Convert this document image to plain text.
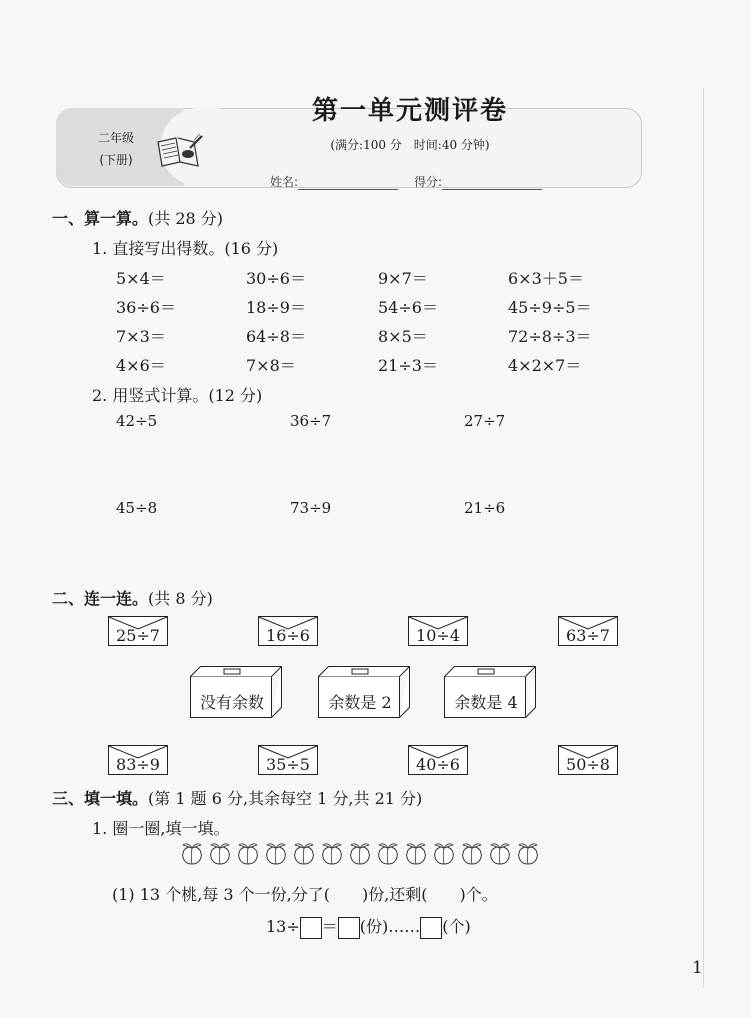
二年级
(下册)
第一单元测评卷
(满分:100 分　时间:40 分钟)
姓名:	得分:
一、算一算。(共 28 分)
1. 直接写出得数。(16 分)
5×4＝	30÷6＝	9×7＝	6×3＋5＝
36÷6＝	18÷9＝	54÷6＝	45÷9÷5＝
7×3＝	64÷8＝	8×5＝	72÷8÷3＝
4×6＝	7×8＝	21÷3＝	4×2×7＝
2. 用竖式计算。(12 分)
42÷5	36÷7	27÷7
45÷8	73÷9	21÷6
二、连一连。(共 8 分)
25÷7	16÷6	10÷4	63÷7
没有余数	余数是 2	余数是 4
83÷9	35÷5	40÷6	50÷8
三、填一填。(第 1 题 6 分,其余每空 1 分,共 21 分)
1. 圈一圈,填一填。
(1) 13 个桃,每 3 个一份,分了(　　)份,还剩(　　)个。
13÷ ＝ (份)…… (个)
1
